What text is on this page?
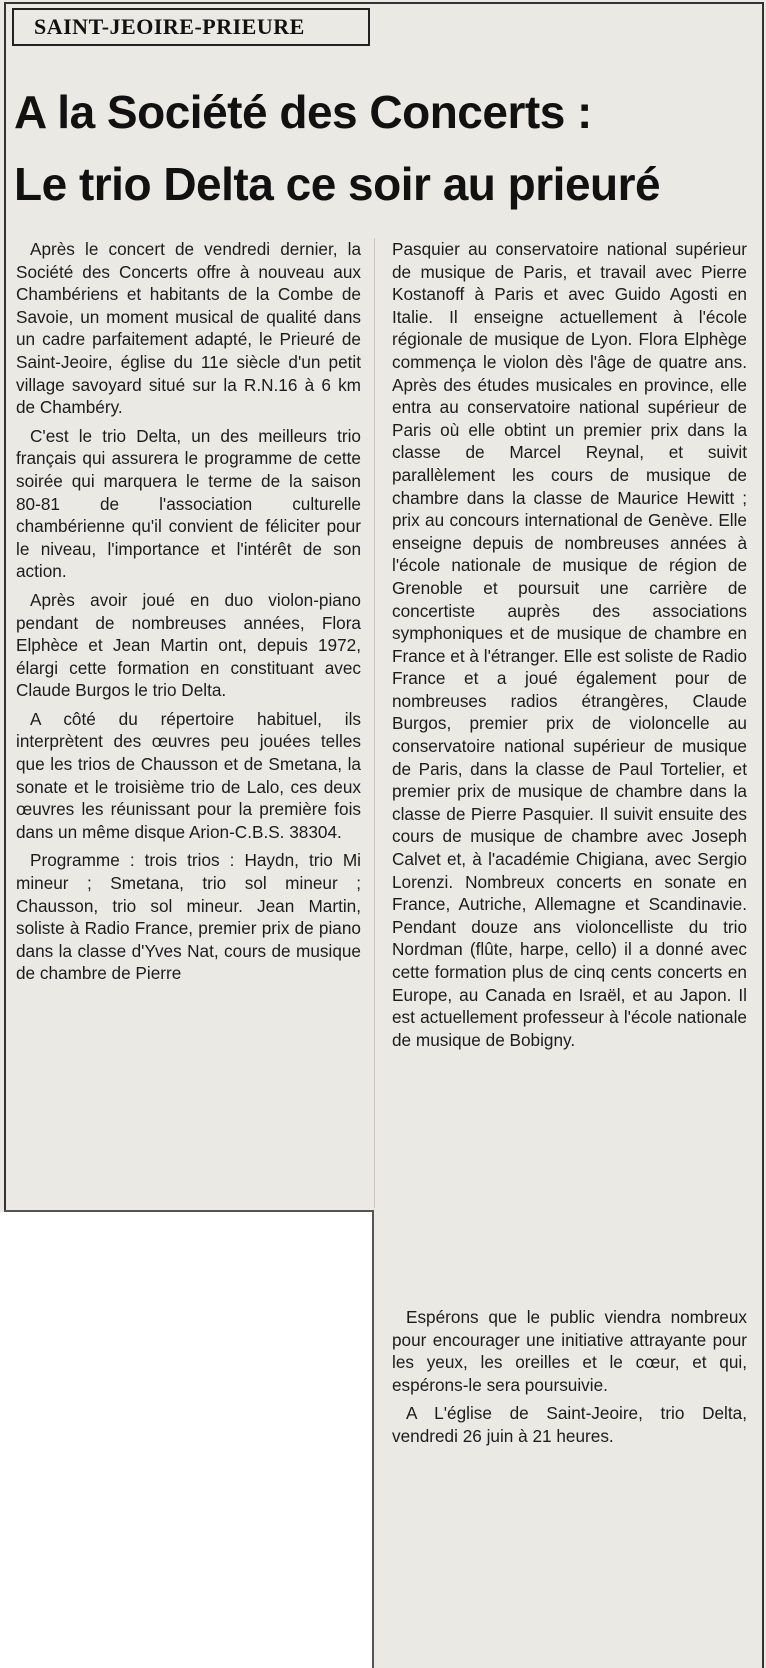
SAINT-JEOIRE-PRIEURE
A la Société des Concerts :
Le trio Delta ce soir au prieuré

Après le concert de vendredi dernier, la Société des Concerts offre à nouveau aux Chambériens et habitants de la Combe de Savoie, un moment musical de qualité dans un cadre parfaitement adapté, le Prieuré de Saint-Jeoire, église du 11e siècle d'un petit village savoyard situé sur la R.N.16 à 6 km de Chambéry.

C'est le trio Delta, un des meilleurs trio français qui assurera le programme de cette soirée qui marquera le terme de la saison 80-81 de l'association culturelle chambérienne qu'il convient de féliciter pour le niveau, l'importance et l'intérêt de son action.

Après avoir joué en duo violon-piano pendant de nombreuses années, Flora Elphèce et Jean Martin ont, depuis 1972, élargi cette formation en constituant avec Claude Burgos le trio Delta.

A côté du répertoire habituel, ils interprètent des œuvres peu jouées telles que les trios de Chausson et de Smetana, la sonate et le troisième trio de Lalo, ces deux œuvres les réunissant pour la première fois dans un même disque Arion-C.B.S. 38304.

Programme : trois trios : Haydn, trio Mi mineur ; Smetana, trio sol mineur ; Chausson, trio sol mineur. Jean Martin, soliste à Radio France, premier prix de piano dans la classe d'Yves Nat, cours de musique de chambre de Pierre

Pasquier au conservatoire national supérieur de musique de Paris, et travail avec Pierre Kostanoff à Paris et avec Guido Agosti en Italie. Il enseigne actuellement à l'école régionale de musique de Lyon. Flora Elphège commença le violon dès l'âge de quatre ans. Après des études musicales en province, elle entra au conservatoire national supérieur de Paris où elle obtint un premier prix dans la classe de Marcel Reynal, et suivit parallèlement les cours de musique de chambre dans la classe de Maurice Hewitt ; prix au concours international de Genève. Elle enseigne depuis de nombreuses années à l'école nationale de musique de région de Grenoble et poursuit une carrière de concertiste auprès des associations symphoniques et de musique de chambre en France et à l'étranger. Elle est soliste de Radio France et a joué également pour de nombreuses radios étrangères, Claude Burgos, premier prix de violoncelle au conservatoire national supérieur de musique de Paris, dans la classe de Paul Tortelier, et premier prix de musique de chambre dans la classe de Pierre Pasquier. Il suivit ensuite des cours de musique de chambre avec Joseph Calvet et, à l'académie Chigiana, avec Sergio Lorenzi. Nombreux concerts en sonate en France, Autriche, Allemagne et Scandinavie. Pendant douze ans violoncelliste du trio Nordman (flûte, harpe, cello) il a donné avec cette formation plus de cinq cents concerts en Europe, au Canada en Israël, et au Japon. Il est actuellement professeur à l'école nationale de musique de Bobigny.

Espérons que le public viendra nombreux pour encourager une initiative attrayante pour les yeux, les oreilles et le cœur, et qui, espérons-le sera poursuivie.

A L'église de Saint-Jeoire, trio Delta, vendredi 26 juin à 21 heures.
